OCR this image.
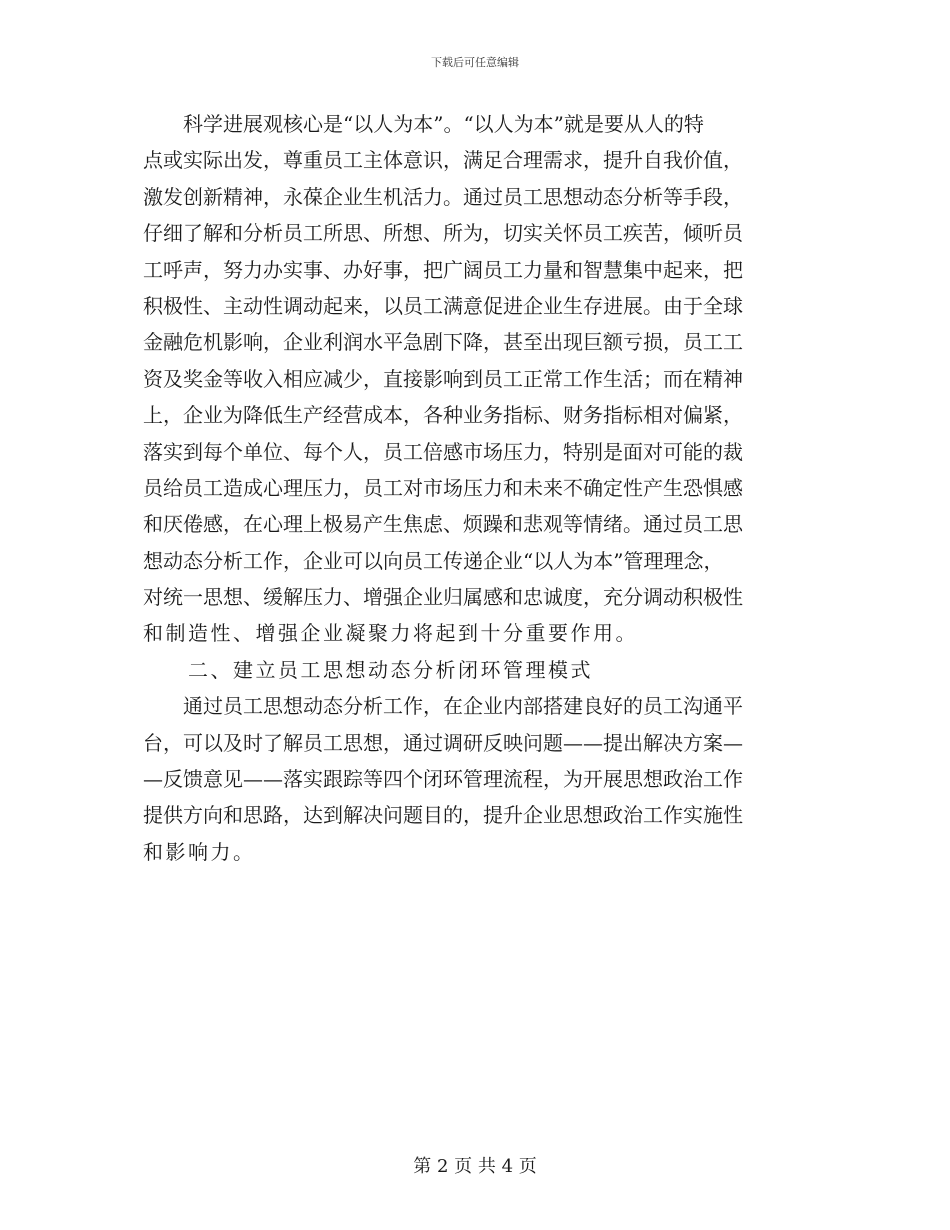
下载后可任意编辑
　　科学进展观核心是“以人为本”。“以人为本”就是要从人的特
点或实际出发，尊重员工主体意识，满足合理需求，提升自我价值，
激发创新精神，永葆企业生机活力。通过员工思想动态分析等手段，
仔细了解和分析员工所思、所想、所为，切实关怀员工疾苦，倾听员
工呼声，努力办实事、办好事，把广阔员工力量和智慧集中起来，把
积极性、主动性调动起来，以员工满意促进企业生存进展。由于全球
金融危机影响，企业利润水平急剧下降，甚至出现巨额亏损，员工工
资及奖金等收入相应减少，直接影响到员工正常工作生活；而在精神
上，企业为降低生产经营成本，各种业务指标、财务指标相对偏紧，
落实到每个单位、每个人，员工倍感市场压力，特别是面对可能的裁
员给员工造成心理压力，员工对市场压力和未来不确定性产生恐惧感
和厌倦感，在心理上极易产生焦虑、烦躁和悲观等情绪。通过员工思
想动态分析工作，企业可以向员工传递企业“以人为本”管理理念，
对统一思想、缓解压力、增强企业归属感和忠诚度，充分调动积极性
和制造性、增强企业凝聚力将起到十分重要作用。
　　二、建立员工思想动态分析闭环管理模式
　　通过员工思想动态分析工作，在企业内部搭建良好的员工沟通平
台，可以及时了解员工思想，通过调研反映问题——提出解决方案—
—反馈意见——落实跟踪等四个闭环管理流程，为开展思想政治工作
提供方向和思路，达到解决问题目的，提升企业思想政治工作实施性
和影响力。
第 2 页 共 4 页
